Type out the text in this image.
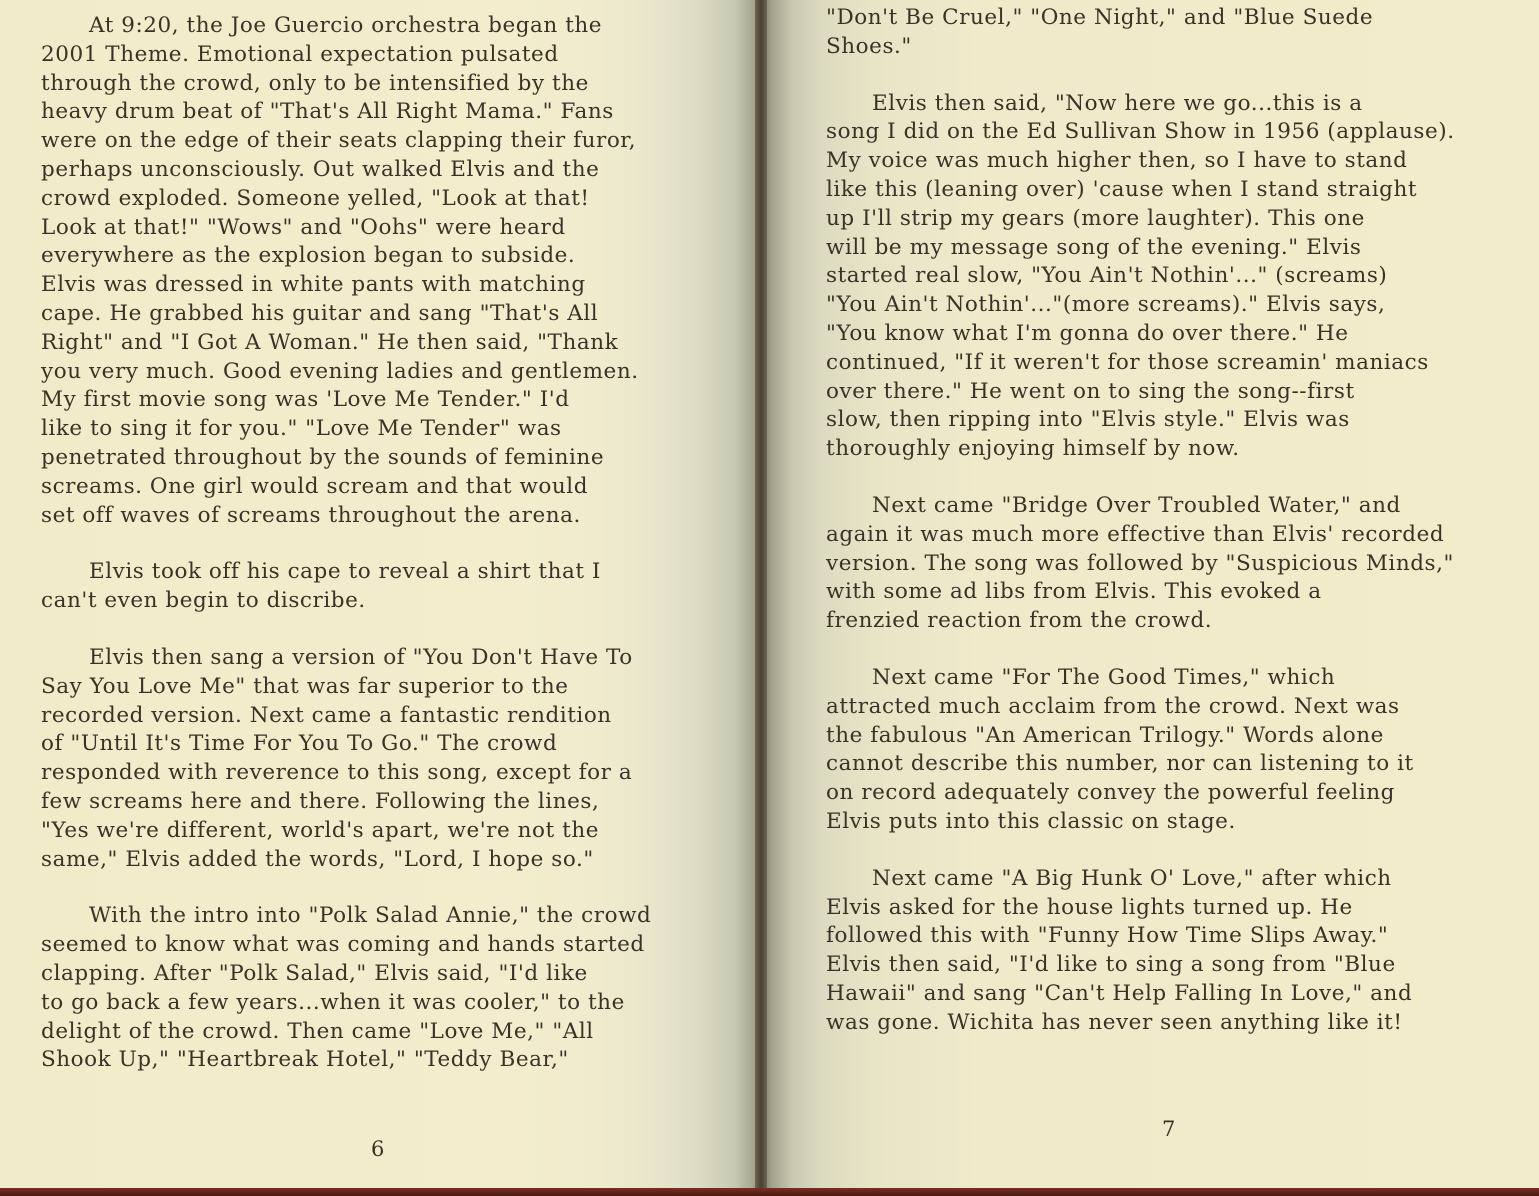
At 9:20, the Joe Guercio orchestra began the
2001 Theme. Emotional expectation pulsated
through the crowd, only to be intensified by the
heavy drum beat of "That's All Right Mama." Fans
were on the edge of their seats clapping their furor,
perhaps unconsciously. Out walked Elvis and the
crowd exploded. Someone yelled, "Look at that!
Look at that!" "Wows" and "Oohs" were heard
everywhere as the explosion began to subside.
Elvis was dressed in white pants with matching
cape. He grabbed his guitar and sang "That's All
Right" and "I Got A Woman." He then said, "Thank
you very much. Good evening ladies and gentlemen.
My first movie song was 'Love Me Tender." I'd
like to sing it for you." "Love Me Tender" was
penetrated throughout by the sounds of feminine
screams. One girl would scream and that would
set off waves of screams throughout the arena.

Elvis took off his cape to reveal a shirt that I
can't even begin to discribe.

Elvis then sang a version of "You Don't Have To
Say You Love Me" that was far superior to the
recorded version. Next came a fantastic rendition
of "Until It's Time For You To Go." The crowd
responded with reverence to this song, except for a
few screams here and there. Following the lines,
"Yes we're different, world's apart, we're not the
same," Elvis added the words, "Lord, I hope so."

With the intro into "Polk Salad Annie," the crowd
seemed to know what was coming and hands started
clapping. After "Polk Salad," Elvis said, "I'd like
to go back a few years...when it was cooler," to the
delight of the crowd. Then came "Love Me," "All
Shook Up," "Heartbreak Hotel," "Teddy Bear,"

"Don't Be Cruel," "One Night," and "Blue Suede
Shoes."

Elvis then said, "Now here we go...this is a
song I did on the Ed Sullivan Show in 1956 (applause).
My voice was much higher then, so I have to stand
like this (leaning over) 'cause when I stand straight
up I'll strip my gears (more laughter). This one
will be my message song of the evening." Elvis
started real slow, "You Ain't Nothin'..." (screams)
"You Ain't Nothin'..."(more screams)." Elvis says,
"You know what I'm gonna do over there." He
continued, "If it weren't for those screamin' maniacs
over there." He went on to sing the song--first
slow, then ripping into "Elvis style." Elvis was
thoroughly enjoying himself by now.

Next came "Bridge Over Troubled Water," and
again it was much more effective than Elvis' recorded
version. The song was followed by "Suspicious Minds,"
with some ad libs from Elvis. This evoked a
frenzied reaction from the crowd.

Next came "For The Good Times," which
attracted much acclaim from the crowd. Next was
the fabulous "An American Trilogy." Words alone
cannot describe this number, nor can listening to it
on record adequately convey the powerful feeling
Elvis puts into this classic on stage.

Next came "A Big Hunk O' Love," after which
Elvis asked for the house lights turned up. He
followed this with "Funny How Time Slips Away."
Elvis then said, "I'd like to sing a song from "Blue
Hawaii" and sang "Can't Help Falling In Love," and
was gone. Wichita has never seen anything like it!

6
7
